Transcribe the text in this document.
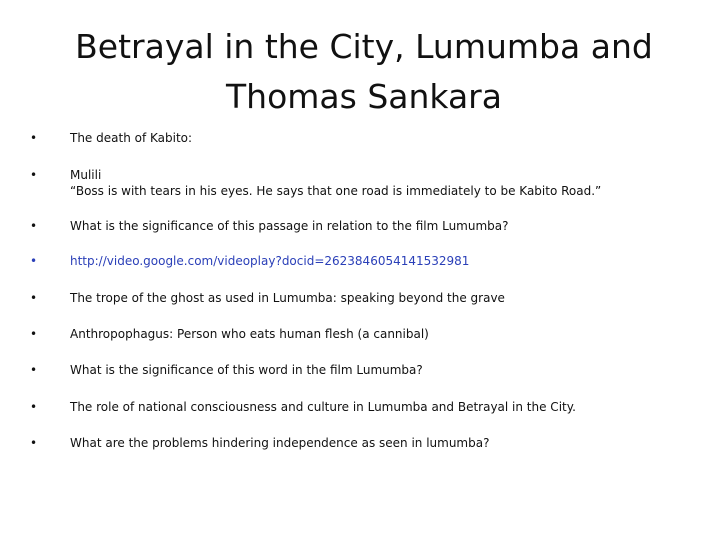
Betrayal in the City, Lumumba and
Thomas Sankara
•	The death of Kabito:
•	Mulili
“Boss is with tears in his eyes. He says that one road is immediately to be Kabito Road.”
•	What is the significance of this passage in relation to the film Lumumba?
•	http://video.google.com/videoplay?docid=2623846054141532981
•	The trope of the ghost as used in Lumumba: speaking beyond the grave
•	Anthropophagus: Person who eats human flesh (a cannibal)
•	What is the significance of this word in the film Lumumba?
•	The role of national consciousness and culture in Lumumba and Betrayal in the City.
•	What are the problems hindering independence as seen in lumumba?
